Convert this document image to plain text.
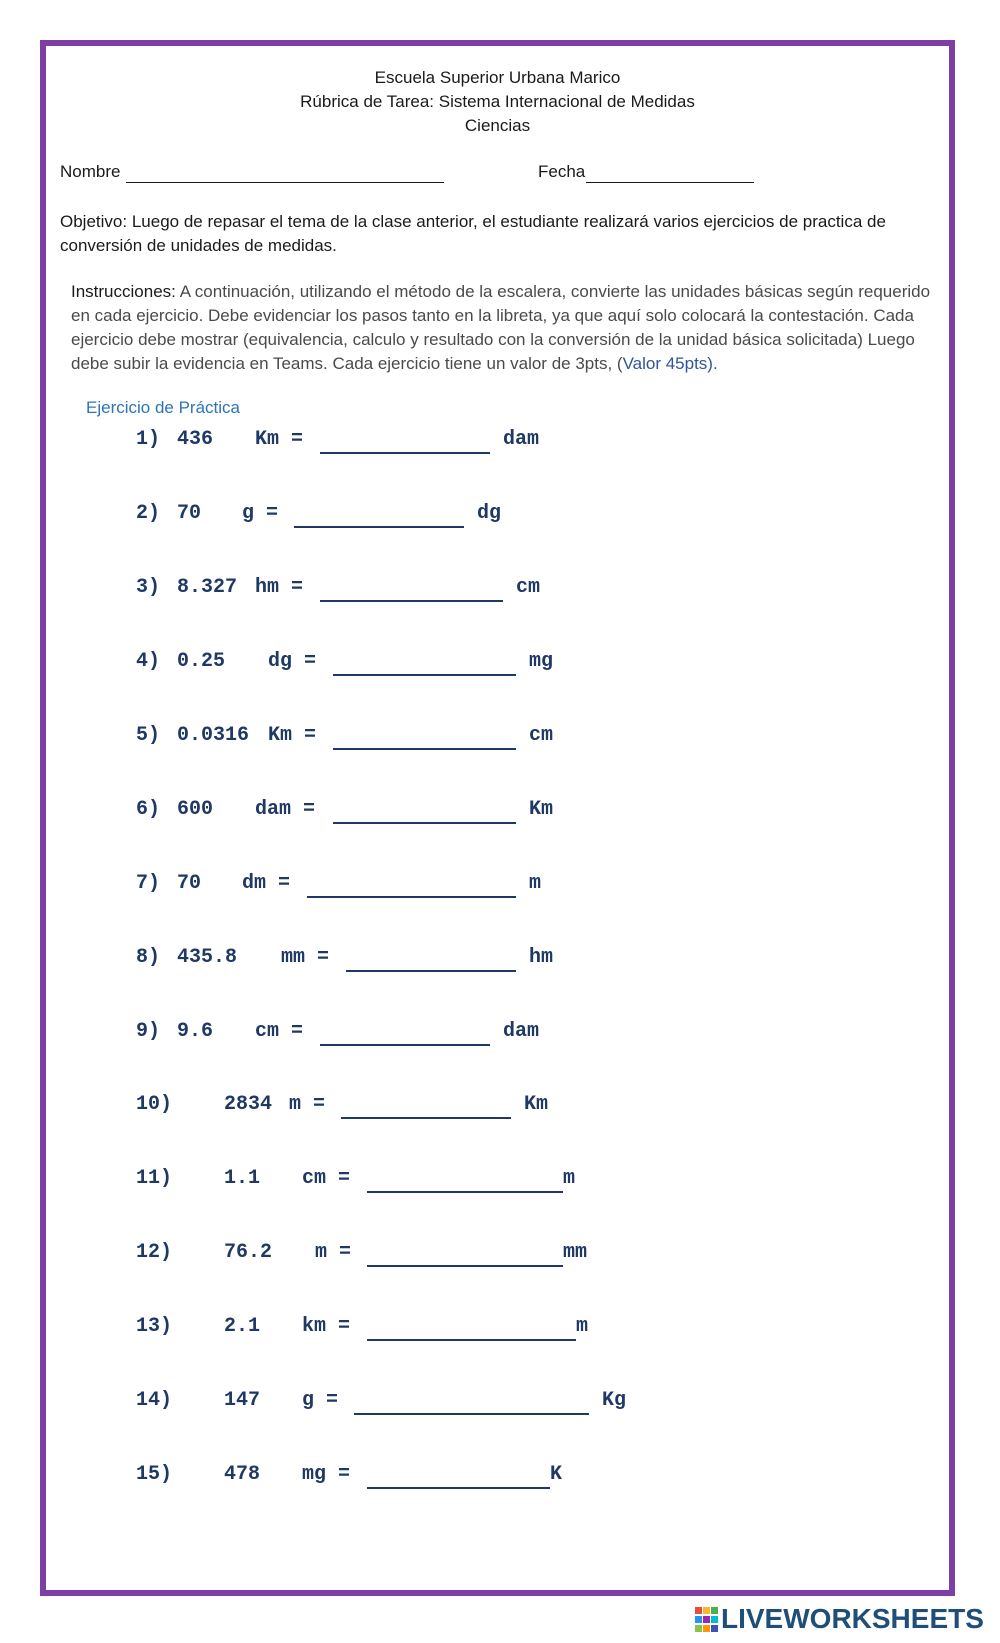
Escuela Superior Urbana Marico
Rúbrica de Tarea: Sistema Internacional de Medidas
Ciencias
Nombre	Fecha
Objetivo: Luego de repasar el tema de la clase anterior, el estudiante realizará varios ejercicios de practica de conversión de unidades de medidas.
Instrucciones: A continuación, utilizando el método de la escalera, convierte las unidades básicas según requerido en cada ejercicio. Debe evidenciar los pasos tanto en la libreta, ya que aquí solo colocará la contestación. Cada ejercicio debe mostrar (equivalencia, calculo y resultado con la conversión de la unidad básica solicitada) Luego debe subir la evidencia en Teams. Cada ejercicio tiene un valor de 3pts, (Valor 45pts).
Ejercicio de Práctica
1) 436 Km =	dam
2) 70 g =	dg
3) 8.327 hm =	cm
4) 0.25 dg =	mg
5) 0.0316 Km =	cm
6) 600 dam =	Km
7) 70 dm =	m
8) 435.8 mm =	hm
9) 9.6 cm =	dam
10)	2834 m =	Km
11)	1.1 cm =	m
12)	76.2 m =	mm
13)	2.1 km =	m
14)	147 g =	Kg
15)	478 mg =	K
LIVEWORKSHEETS
